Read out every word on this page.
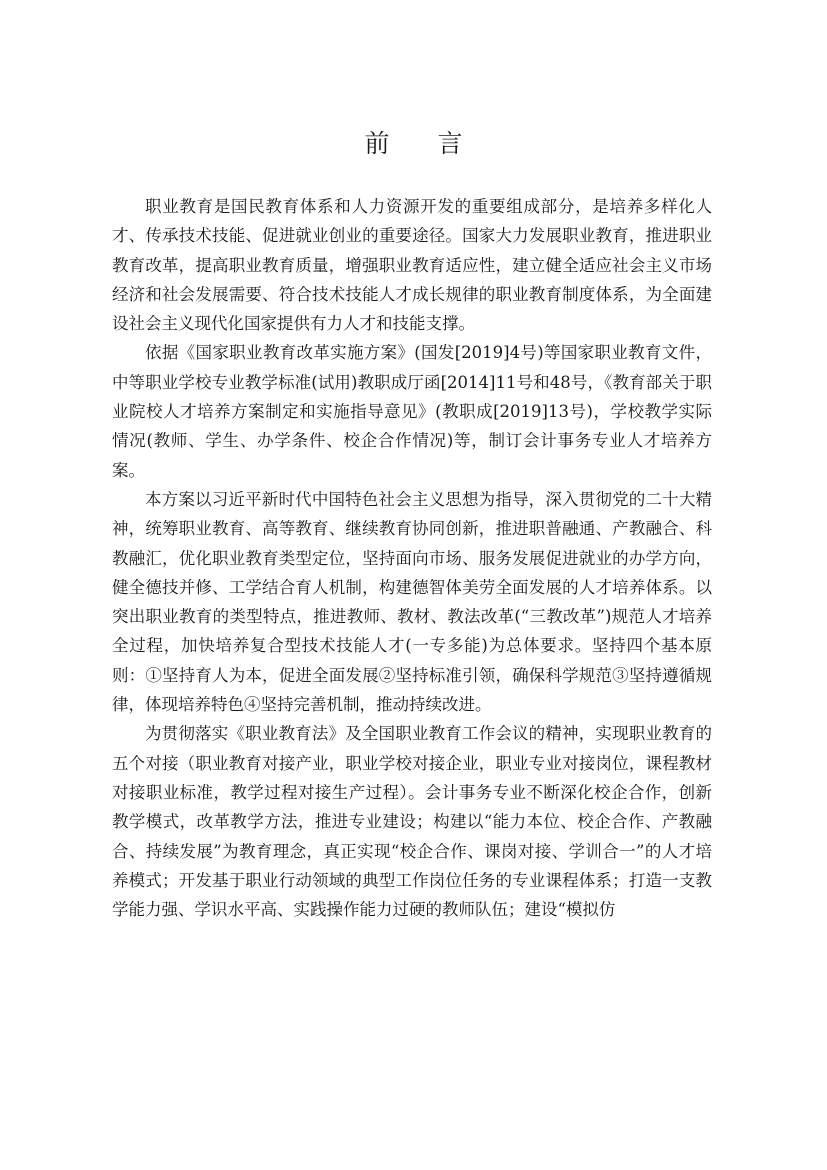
前 言

职业教育是国民教育体系和人力资源开发的重要组成部分，是培养多样化人才、传承技术技能、促进就业创业的重要途径。国家大力发展职业教育，推进职业教育改革，提高职业教育质量，增强职业教育适应性，建立健全适应社会主义市场经济和社会发展需要、符合技术技能人才成长规律的职业教育制度体系，为全面建设社会主义现代化国家提供有力人才和技能支撑。

依据《国家职业教育改革实施方案》(国发[2019]4号)等国家职业教育文件，中等职业学校专业教学标准(试用)教职成厅函[2014]11号和48号，《教育部关于职业院校人才培养方案制定和实施指导意见》(教职成[2019]13号)，学校教学实际情况(教师、学生、办学条件、校企合作情况)等，制订会计事务专业人才培养方案。

本方案以习近平新时代中国特色社会主义思想为指导，深入贯彻党的二十大精神，统筹职业教育、高等教育、继续教育协同创新，推进职普融通、产教融合、科教融汇，优化职业教育类型定位，坚持面向市场、服务发展促进就业的办学方向，健全德技并修、工学结合育人机制，构建德智体美劳全面发展的人才培养体系。以突出职业教育的类型特点，推进教师、教材、教法改革(“三教改革”)规范人才培养全过程，加快培养复合型技术技能人才(一专多能)为总体要求。坚持四个基本原则：①坚持育人为本，促进全面发展②坚持标准引领，确保科学规范③坚持遵循规律，体现培养特色④坚持完善机制，推动持续改进。

为贯彻落实《职业教育法》及全国职业教育工作会议的精神，实现职业教育的五个对接（职业教育对接产业，职业学校对接企业，职业专业对接岗位，课程教材对接职业标准，教学过程对接生产过程）。会计事务专业不断深化校企合作，创新教学模式，改革教学方法，推进专业建设；构建以“能力本位、校企合作、产教融合、持续发展”为教育理念，真正实现“校企合作、课岗对接、学训合一”的人才培养模式；开发基于职业行动领域的典型工作岗位任务的专业课程体系；打造一支教学能力强、学识水平高、实践操作能力过硬的教师队伍；建设“模拟仿
